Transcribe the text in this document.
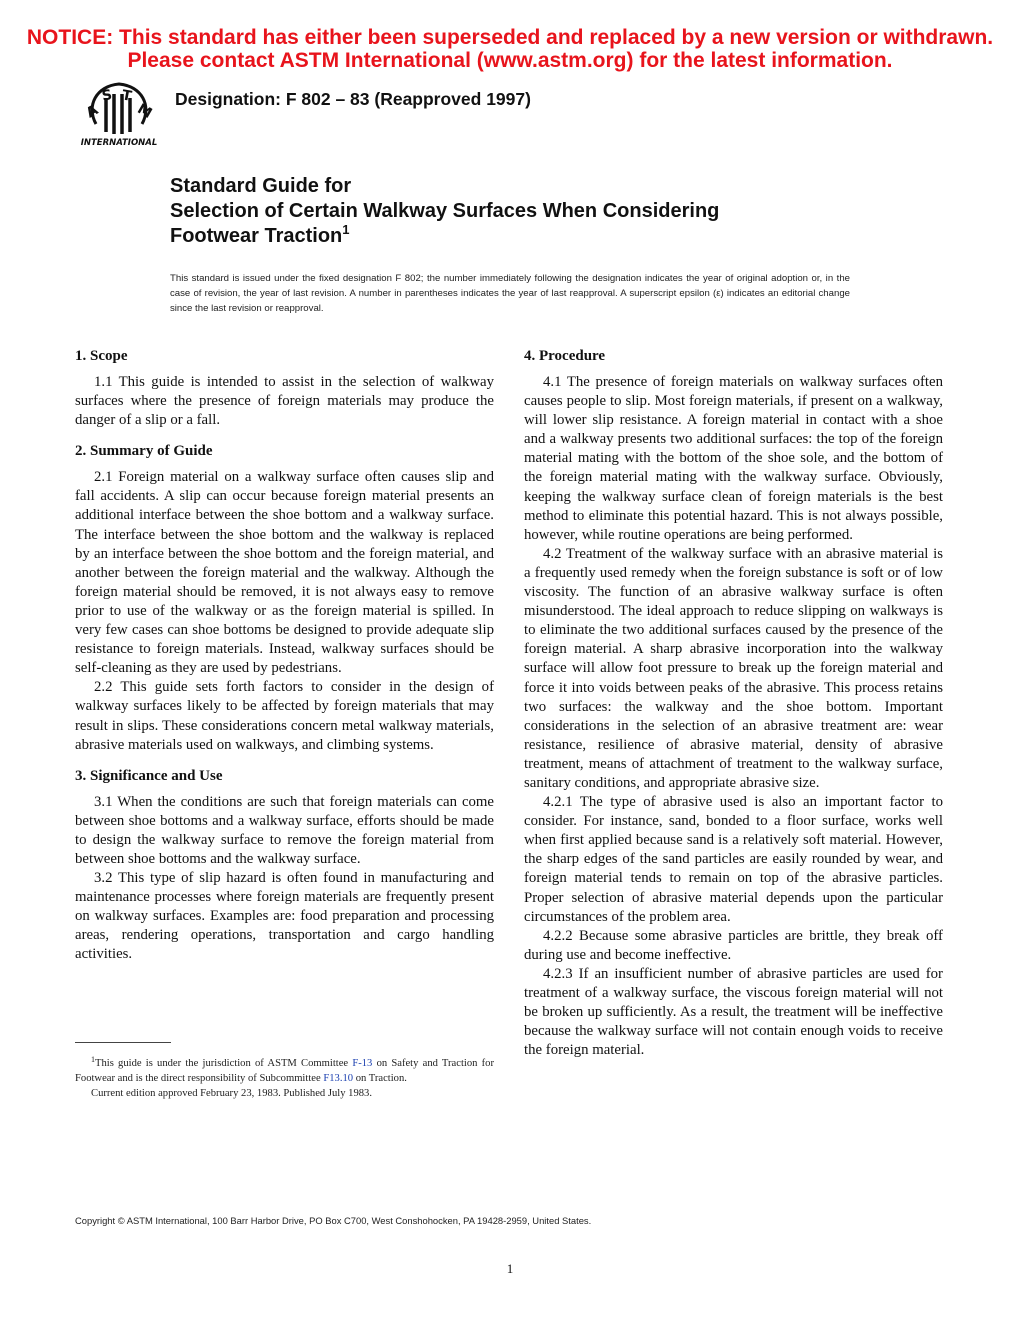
NOTICE: This standard has either been superseded and replaced by a new version or withdrawn.
Please contact ASTM International (www.astm.org) for the latest information.
A
S T
M
INTERNATIONAL
Designation: F 802 – 83 (Reapproved 1997)
Standard Guide for
Selection of Certain Walkway Surfaces When Considering
Footwear Traction$^1$
This standard is issued under the fixed designation F 802; the number immediately following the designation indicates the year of original adoption or, in the case of revision, the year of last revision. A number in parentheses indicates the year of last reapproval. A superscript epsilon (ε) indicates an editorial change since the last revision or reapproval.
1. Scope

1.1 This guide is intended to assist in the selection of walkway surfaces where the presence of foreign materials may produce the danger of a slip or a fall.

2. Summary of Guide

2.1 Foreign material on a walkway surface often causes slip and fall accidents. A slip can occur because foreign material presents an additional interface between the shoe bottom and a walkway surface. The interface between the shoe bottom and the walkway is replaced by an interface between the shoe bottom and the foreign material, and another between the foreign material and the walkway. Although the foreign material should be removed, it is not always easy to remove prior to use of the walkway or as the foreign material is spilled. In very few cases can shoe bottoms be designed to provide adequate slip resistance to foreign materials. Instead, walkway surfaces should be self-cleaning as they are used by pedestrians.

2.2 This guide sets forth factors to consider in the design of walkway surfaces likely to be affected by foreign materials that may result in slips. These considerations concern metal walkway materials, abrasive materials used on walkways, and climbing systems.

3. Significance and Use

3.1 When the conditions are such that foreign materials can come between shoe bottoms and a walkway surface, efforts should be made to design the walkway surface to remove the foreign material from between shoe bottoms and the walkway surface.

3.2 This type of slip hazard is often found in manufacturing and maintenance processes where foreign materials are frequently present on walkway surfaces. Examples are: food preparation and processing areas, rendering operations, transportation and cargo handling activities.

4. Procedure

4.1 The presence of foreign materials on walkway surfaces often causes people to slip. Most foreign materials, if present on a walkway, will lower slip resistance. A foreign material in contact with a shoe and a walkway presents two additional surfaces: the top of the foreign material mating with the bottom of the shoe sole, and the bottom of the foreign material mating with the walkway surface. Obviously, keeping the walkway surface clean of foreign materials is the best method to eliminate this potential hazard. This is not always possible, however, while routine operations are being performed.

4.2 Treatment of the walkway surface with an abrasive material is a frequently used remedy when the foreign substance is soft or of low viscosity. The function of an abrasive walkway surface is often misunderstood. The ideal approach to reduce slipping on walkways is to eliminate the two additional surfaces caused by the presence of the foreign material. A sharp abrasive incorporation into the walkway surface will allow foot pressure to break up the foreign material and force it into voids between peaks of the abrasive. This process retains two surfaces: the walkway and the shoe bottom. Important considerations in the selection of an abrasive treatment are: wear resistance, resilience of abrasive material, density of abrasive treatment, means of attachment of treatment to the walkway surface, sanitary conditions, and appropriate abrasive size.

4.2.1 The type of abrasive used is also an important factor to consider. For instance, sand, bonded to a floor surface, works well when first applied because sand is a relatively soft material. However, the sharp edges of the sand particles are easily rounded by wear, and foreign material tends to remain on top of the abrasive particles. Proper selection of abrasive material depends upon the particular circumstances of the problem area.

4.2.2 Because some abrasive particles are brittle, they break off during use and become ineffective.

4.2.3 If an insufficient number of abrasive particles are used for treatment of a walkway surface, the viscous foreign material will not be broken up sufficiently. As a result, the treatment will be ineffective because the walkway surface will not contain enough voids to receive the foreign material.

$^1$This guide is under the jurisdiction of ASTM Committee F-13 on Safety and Traction for Footwear and is the direct responsibility of Subcommittee F13.10 on Traction.

Current edition approved February 23, 1983. Published July 1983.

Copyright © ASTM International, 100 Barr Harbor Drive, PO Box C700, West Conshohocken, PA 19428-2959, United States.
1
